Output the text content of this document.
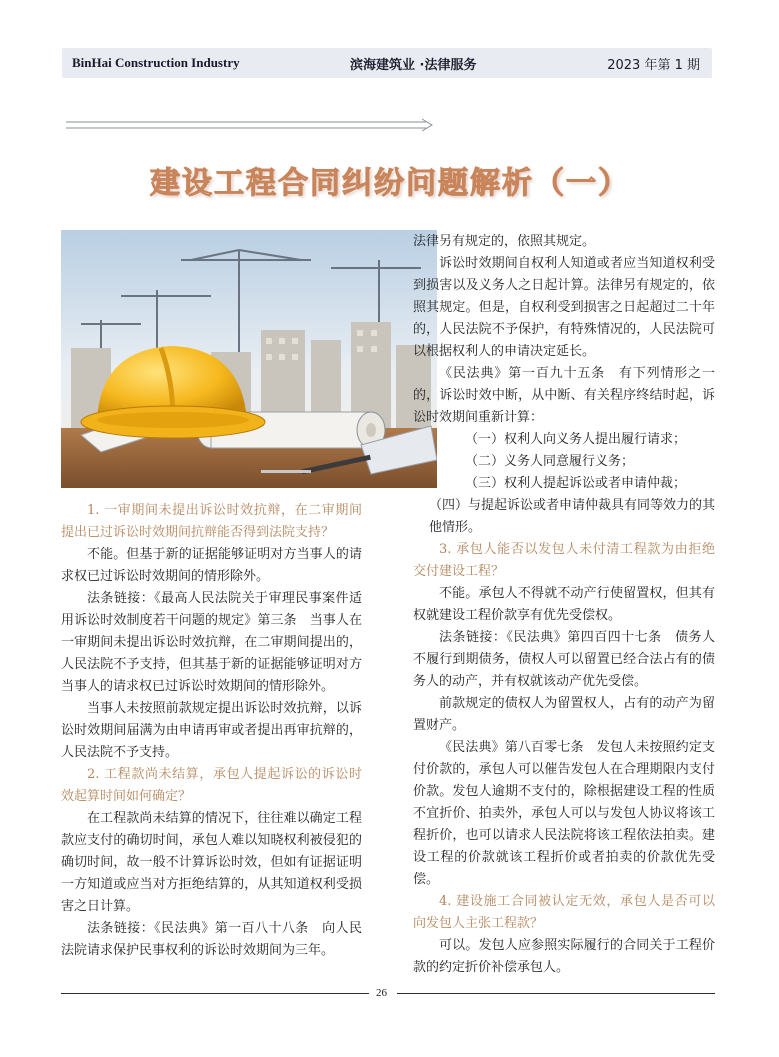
BinHai Construction Industry	滨海建筑业 ·法律服务	2023 年第 1 期
建设工程合同纠纷问题解析（一）

1. 一审期间未提出诉讼时效抗辩，在二审期间提出已过诉讼时效期间抗辩能否得到法院支持？

不能。但基于新的证据能够证明对方当事人的请求权已过诉讼时效期间的情形除外。

法条链接：《最高人民法院关于审理民事案件适用诉讼时效制度若干问题的规定》第三条　当事人在一审期间未提出诉讼时效抗辩，在二审期间提出的，人民法院不予支持，但其基于新的证据能够证明对方当事人的请求权已过诉讼时效期间的情形除外。

当事人未按照前款规定提出诉讼时效抗辩，以诉讼时效期间届满为由申请再审或者提出再审抗辩的，人民法院不予支持。

2. 工程款尚未结算，承包人提起诉讼的诉讼时效起算时间如何确定？

在工程款尚未结算的情况下，往往难以确定工程款应支付的确切时间，承包人难以知晓权利被侵犯的确切时间，故一般不计算诉讼时效，但如有证据证明一方知道或应当对方拒绝结算的，从其知道权利受损害之日计算。

法条链接：《民法典》第一百八十八条　向人民法院请求保护民事权利的诉讼时效期间为三年。

法律另有规定的，依照其规定。

诉讼时效期间自权利人知道或者应当知道权利受到损害以及义务人之日起计算。法律另有规定的，依照其规定。但是，自权利受到损害之日起超过二十年的，人民法院不予保护，有特殊情况的，人民法院可以根据权利人的申请决定延长。

《民法典》第一百九十五条　有下列情形之一的，诉讼时效中断，从中断、有关程序终结时起，诉讼时效期间重新计算：

（一）权利人向义务人提出履行请求；

（二）义务人同意履行义务；

（三）权利人提起诉讼或者申请仲裁；

（四）与提起诉讼或者申请仲裁具有同等效力的其他情形。

3. 承包人能否以发包人未付清工程款为由拒绝交付建设工程？

不能。承包人不得就不动产行使留置权，但其有权就建设工程价款享有优先受偿权。

法条链接：《民法典》第四百四十七条　债务人不履行到期债务，债权人可以留置已经合法占有的债务人的动产，并有权就该动产优先受偿。

前款规定的债权人为留置权人，占有的动产为留置财产。

《民法典》第八百零七条　发包人未按照约定支付价款的，承包人可以催告发包人在合理期限内支付价款。发包人逾期不支付的，除根据建设工程的性质不宜折价、拍卖外，承包人可以与发包人协议将该工程折价，也可以请求人民法院将该工程依法拍卖。建设工程的价款就该工程折价或者拍卖的价款优先受偿。

4. 建设施工合同被认定无效，承包人是否可以向发包人主张工程款？

可以。发包人应参照实际履行的合同关于工程价款的约定折价补偿承包人。

26
